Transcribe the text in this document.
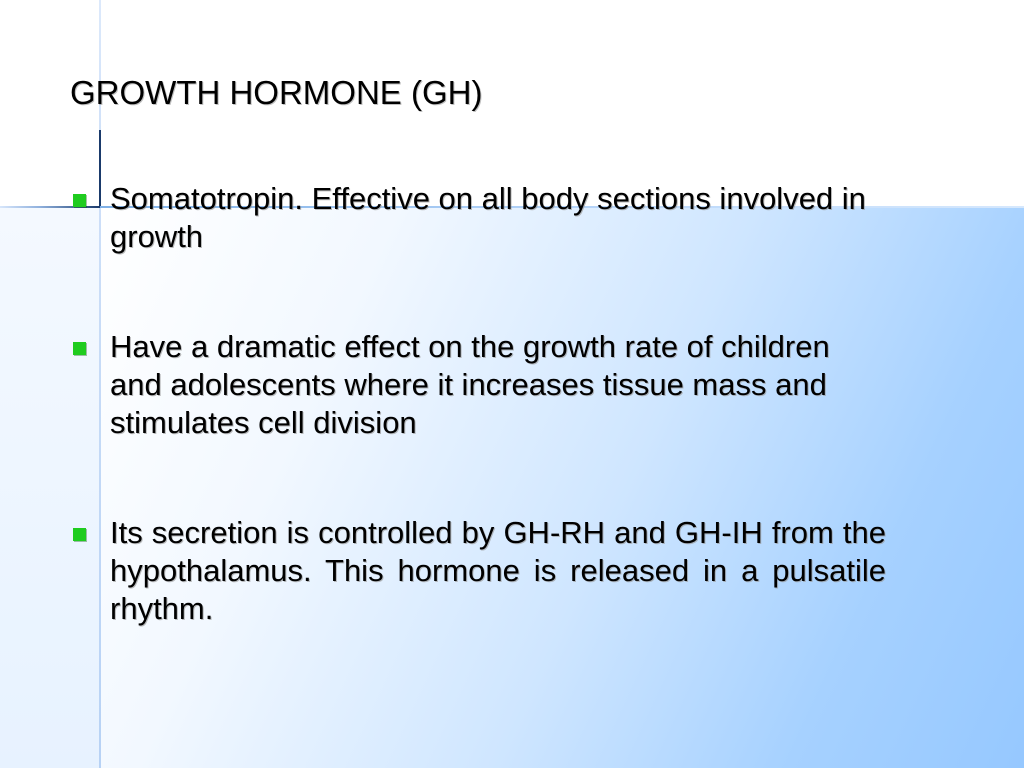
GROWTH HORMONE (GH)
Somatotropin. Effective on all body sections involved in growth
Have a dramatic effect on the growth rate of children and adolescents where it increases tissue mass and stimulates cell division
Its secretion is controlled by GH-RH and GH-IH from the hypothalamus. This hormone is released in a pulsatile rhythm.
